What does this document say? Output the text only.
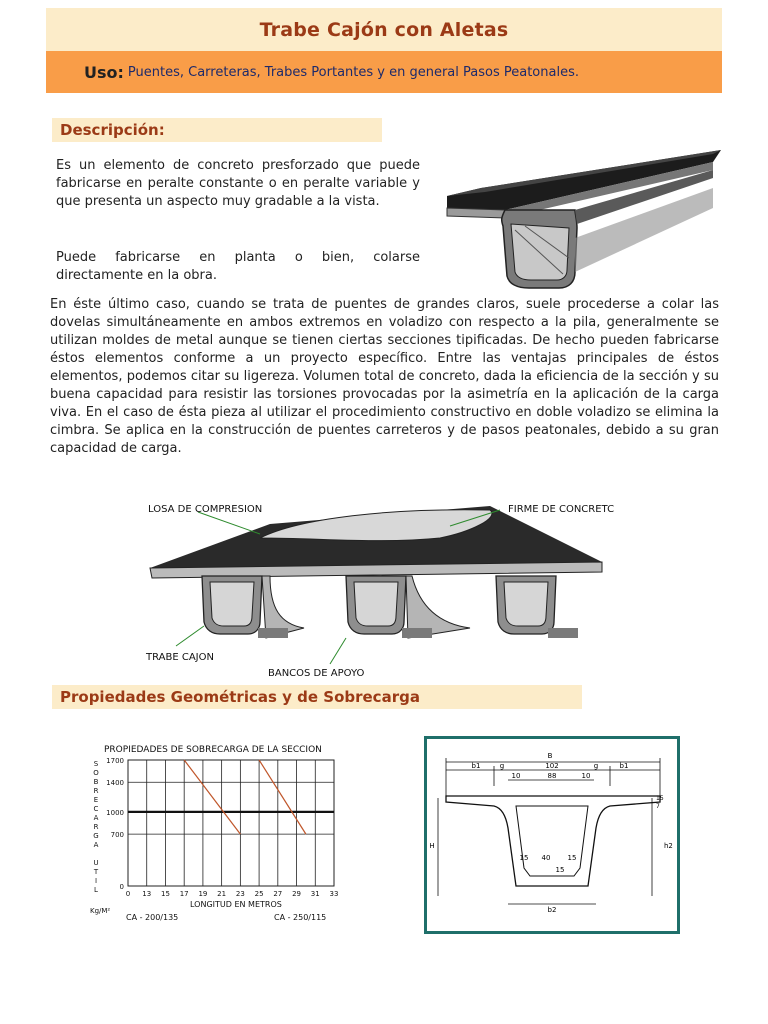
Trabe Cajón con Aletas
Uso : Puentes, Carreteras, Trabes Portantes y en general Pasos Peatonales.
Descripción:

Es un elemento de concreto presforzado que puede fabricarse en peralte constante o en peralte variable y que presenta un aspecto muy gradable a la vista.

Puede fabricarse en planta o bien, colarse directamente en la obra.

En éste último caso, cuando se trata de puentes de grandes claros, suele procederse a colar las dovelas simultáneamente en ambos extremos en voladizo con respecto a la pila, generalmente se utilizan moldes de metal aunque se tienen ciertas secciones tipificadas. De hecho pueden fabricarse éstos elementos conforme a un proyecto específico. Entre las ventajas principales de éstos elementos, podemos citar su ligereza. Volumen total de concreto, dada la eficiencia de la sección y su buena capacidad para resistir las torsiones provocadas por la asimetría en la aplicación de la carga viva. En el caso de ésta pieza al utilizar el procedimiento constructivo en doble voladizo se elimina la cimbra. Se aplica en la construcción de puentes carreteros y de pasos peatonales, debido a su gran capacidad de carga.

LOSA DE COMPRESION	FIRME DE CONCRETC
TRABE CAJON
BANCOS DE APOYO
Propiedades Geométricas y de Sobrecarga
PROPIEDADES DE SOBRECARGA DE LA SECCION
S
O
B
R
E
C
A
R
G
A
U
T
I
L	0 13 15 17 19 21 23 25 27 29 31 33
0
700
1000
1400
1700
Kg/M²
LONGITUD EN METROS
CA - 200/135	CA - 250/115
B
b1	g	102	g	b1
10	88	10
H	h2
15
7
15 40 15
15
b2
